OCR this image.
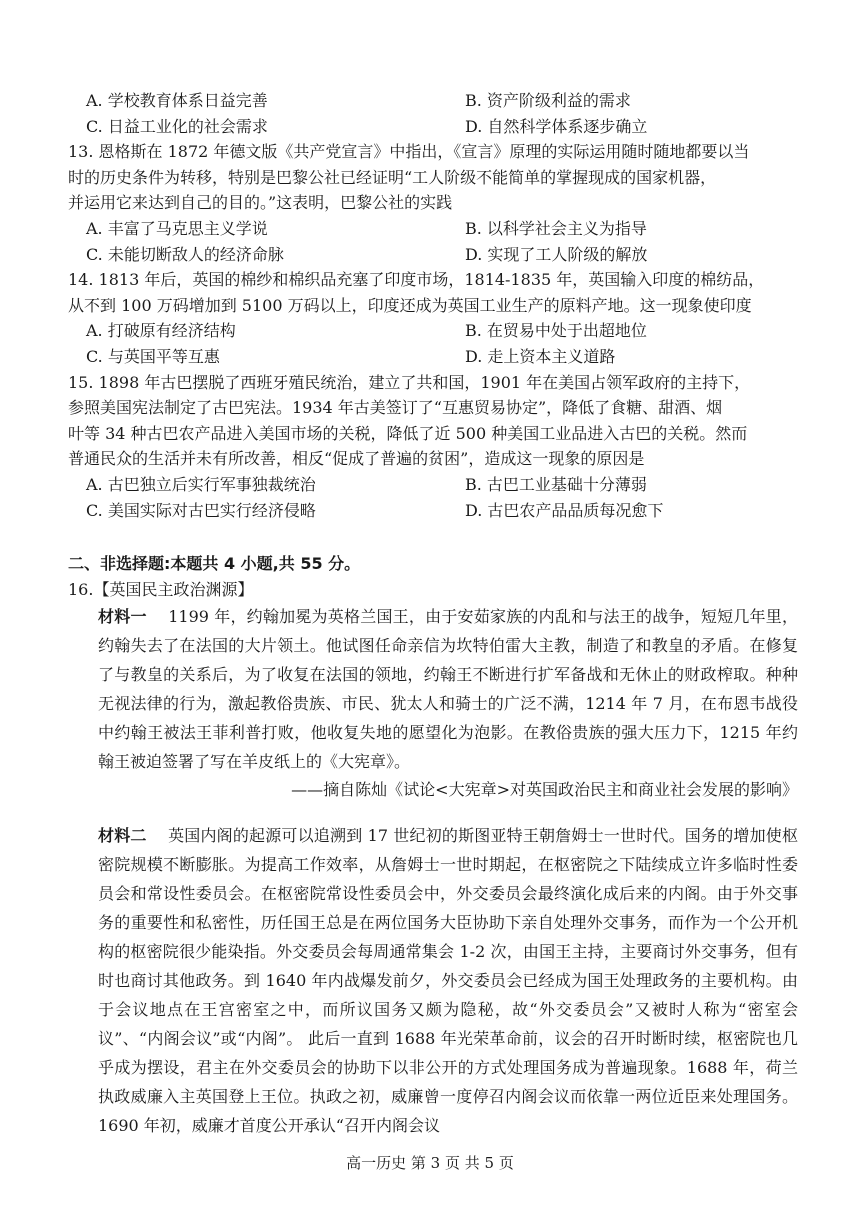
A. 学校教育体系日益完善	B. 资产阶级利益的需求
C. 日益工业化的社会需求	D. 自然科学体系逐步确立
13. 恩格斯在 1872 年德文版《共产党宣言》中指出，《宣言》原理的实际运用随时随地都要以当
时的历史条件为转移，特别是巴黎公社已经证明“工人阶级不能简单的掌握现成的国家机器，
并运用它来达到自己的目的。”这表明，巴黎公社的实践
A. 丰富了马克思主义学说	B. 以科学社会主义为指导
C. 未能切断敌人的经济命脉	D. 实现了工人阶级的解放
14. 1813 年后，英国的棉纱和棉织品充塞了印度市场，1814-1835 年，英国输入印度的棉纺品，
从不到 100 万码增加到 5100 万码以上，印度还成为英国工业生产的原料产地。这一现象使印度
A. 打破原有经济结构	B. 在贸易中处于出超地位
C. 与英国平等互惠	D. 走上资本主义道路
15. 1898 年古巴摆脱了西班牙殖民统治，建立了共和国，1901 年在美国占领军政府的主持下，
参照美国宪法制定了古巴宪法。1934 年古美签订了“互惠贸易协定”，降低了食糖、甜酒、烟
叶等 34 种古巴农产品进入美国市场的关税，降低了近 500 种美国工业品进入古巴的关税。然而
普通民众的生活并未有所改善，相反“促成了普遍的贫困”，造成这一现象的原因是
A. 古巴独立后实行军事独裁统治	B. 古巴工业基础十分薄弱
C. 美国实际对古巴实行经济侵略	D. 古巴农产品品质每况愈下
二、非选择题:本题共 4 小题,共 55 分。
16.【英国民主政治渊源】
材料一　 1199 年，约翰加冕为英格兰国王，由于安茹家族的内乱和与法王的战争，短短几年里，约翰失去了在法国的大片领土。他试图任命亲信为坎特伯雷大主教，制造了和教皇的矛盾。在修复了与教皇的关系后，为了收复在法国的领地，约翰王不断进行扩军备战和无休止的财政榨取。种种无视法律的行为，激起教俗贵族、市民、犹太人和骑士的广泛不满，1214 年 7 月，在布恩韦战役中约翰王被法王菲利普打败，他收复失地的愿望化为泡影。在教俗贵族的强大压力下，1215 年约翰王被迫签署了写在羊皮纸上的《大宪章》。
——摘自陈灿《试论<大宪章>对英国政治民主和商业社会发展的影响》
材料二　 英国内阁的起源可以追溯到 17 世纪初的斯图亚特王朝詹姆士一世时代。国务的增加使枢密院规模不断膨胀。为提高工作效率，从詹姆士一世时期起，在枢密院之下陆续成立许多临时性委员会和常设性委员会。在枢密院常设性委员会中，外交委员会最终演化成后来的内阁。由于外交事务的重要性和私密性，历任国王总是在两位国务大臣协助下亲自处理外交事务，而作为一个公开机构的枢密院很少能染指。外交委员会每周通常集会 1-2 次，由国王主持，主要商讨外交事务，但有时也商讨其他政务。到 1640 年内战爆发前夕，外交委员会已经成为国王处理政务的主要机构。由于会议地点在王宫密室之中，而所议国务又颇为隐秘，故“外交委员会”又被时人称为“密室会议”、“内阁会议”或“内阁”。 此后一直到 1688 年光荣革命前，议会的召开时断时续，枢密院也几乎成为摆设，君主在外交委员会的协助下以非公开的方式处理国务成为普遍现象。1688 年，荷兰执政威廉入主英国登上王位。执政之初，威廉曾一度停召内阁会议而依靠一两位近臣来处理国务。1690 年初，威廉才首度公开承认“召开内阁会议
高一历史 第 3 页 共 5 页
